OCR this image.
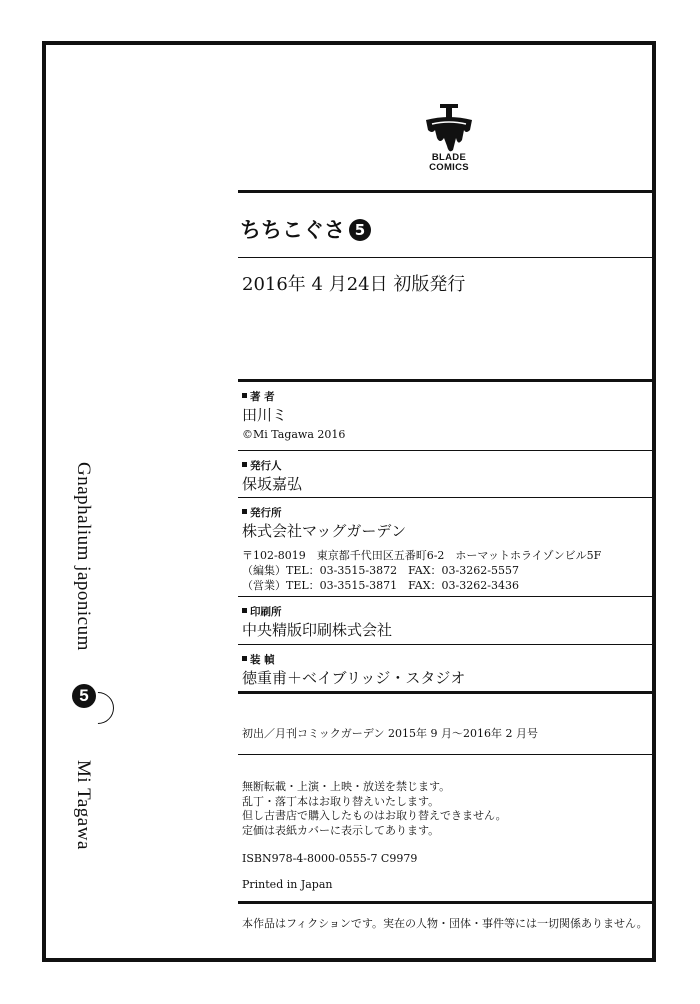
Gnaphalium japonicum
5
Mi Tagawa
BLADE
COMICS
ちちこぐさ 5
2016年 4 月24日 初版発行
著 者
田川ミ
©Mi Tagawa 2016
発行人
保坂嘉弘
発行所
株式会社マッグガーデン
〒102-8019　東京都千代田区五番町6-2　ホーマットホライゾンビル5F
（編集）TEL：03-3515-3872　FAX：03-3262-5557
（営業）TEL：03-3515-3871　FAX：03-3262-3436
印刷所
中央精版印刷株式会社
装 幀
徳重甫＋ベイブリッジ・スタジオ
初出／月刊コミックガーデン 2015年 9 月～2016年 2 月号
無断転載・上演・上映・放送を禁じます。
乱丁・落丁本はお取り替えいたします。
但し古書店で購入したものはお取り替えできません。
定価は表紙カバーに表示してあります。
ISBN978-4-8000-0555-7 C9979
Printed in Japan
本作品はフィクションです。実在の人物・団体・事件等には一切関係ありません。
